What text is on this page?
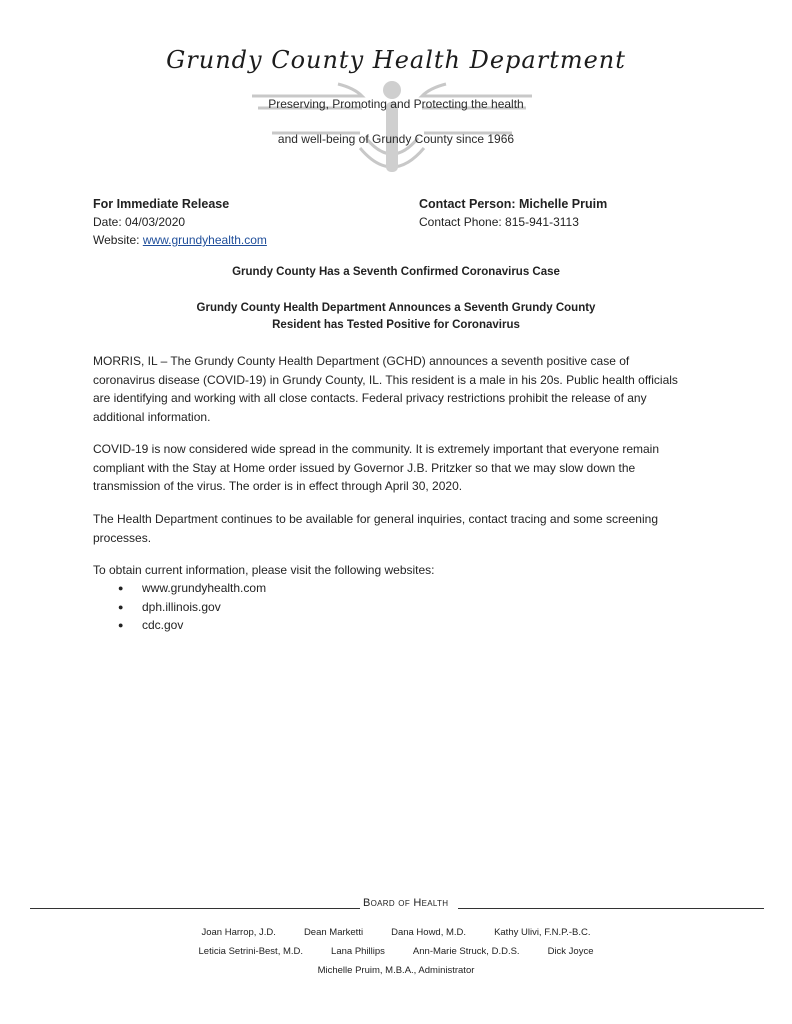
Grundy County Health Department
Preserving, Promoting and Protecting the health
and well-being of Grundy County since 1966
For Immediate Release
Date: 04/03/2020
Website: www.grundyhealth.com
Contact Person: Michelle Pruim
Contact Phone: 815-941-3113
Grundy County Has a Seventh Confirmed Coronavirus Case
Grundy County Health Department Announces a Seventh Grundy County
Resident has Tested Positive for Coronavirus
MORRIS, IL – The Grundy County Health Department (GCHD) announces a seventh positive case of coronavirus disease (COVID-19) in Grundy County, IL. This resident is a male in his 20s. Public health officials are identifying and working with all close contacts. Federal privacy restrictions prohibit the release of any additional information.
COVID-19 is now considered wide spread in the community. It is extremely important that everyone remain compliant with the Stay at Home order issued by Governor J.B. Pritzker so that we may slow down the transmission of the virus. The order is in effect through April 30, 2020.
The Health Department continues to be available for general inquiries, contact tracing and some screening processes.
To obtain current information, please visit the following websites:
● www.grundyhealth.com
● dph.illinois.gov
● cdc.gov
Board of Health
Joan Harrop, J.D.	Dean Marketti	Dana Howd, M.D.	Kathy Ulivi, F.N.P.-B.C.
Leticia Setrini-Best, M.D.	Lana Phillips	Ann-Marie Struck, D.D.S.	Dick Joyce
Michelle Pruim, M.B.A., Administrator
